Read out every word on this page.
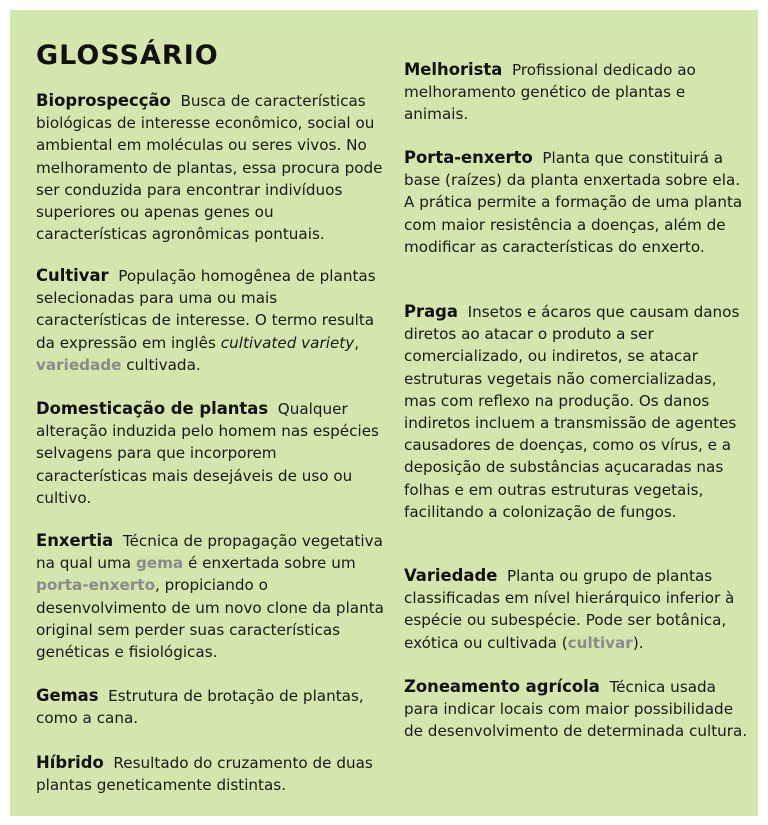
GLOSSÁRIO

Bioprospecção Busca de características biológicas de interesse econômico, social ou ambiental em moléculas ou seres vivos. No melhoramento de plantas, essa procura pode ser conduzida para encontrar indivíduos superiores ou apenas genes ou características agronômicas pontuais.

Cultivar População homogênea de plantas selecionadas para uma ou mais características de interesse. O termo resulta da expressão em inglês cultivated variety, variedade cultivada.

Domesticação de plantas Qualquer alteração induzida pelo homem nas espécies selvagens para que incorporem características mais desejáveis de uso ou cultivo.

Enxertia Técnica de propagação vegetativa na qual uma gema é enxertada sobre um porta-enxerto, propiciando o desenvolvimento de um novo clone da planta original sem perder suas características genéticas e fisiológicas.

Gemas Estrutura de brotação de plantas, como a cana.

Híbrido Resultado do cruzamento de duas plantas geneticamente distintas.

Melhorista Profissional dedicado ao melhoramento genético de plantas e animais.

Porta-enxerto Planta que constituirá a base (raízes) da planta enxertada sobre ela. A prática permite a formação de uma planta com maior resistência a doenças, além de modificar as características do enxerto.

Praga Insetos e ácaros que causam danos diretos ao atacar o produto a ser comercializado, ou indiretos, se atacar estruturas vegetais não comercializadas, mas com reflexo na produção. Os danos indiretos incluem a transmissão de agentes causadores de doenças, como os vírus, e a deposição de substâncias açucaradas nas folhas e em outras estruturas vegetais, facilitando a colonização de fungos.

Variedade Planta ou grupo de plantas classificadas em nível hierárquico inferior à espécie ou subespécie. Pode ser botânica, exótica ou cultivada (cultivar).

Zoneamento agrícola Técnica usada para indicar locais com maior possibilidade de desenvolvimento de determinada cultura.
